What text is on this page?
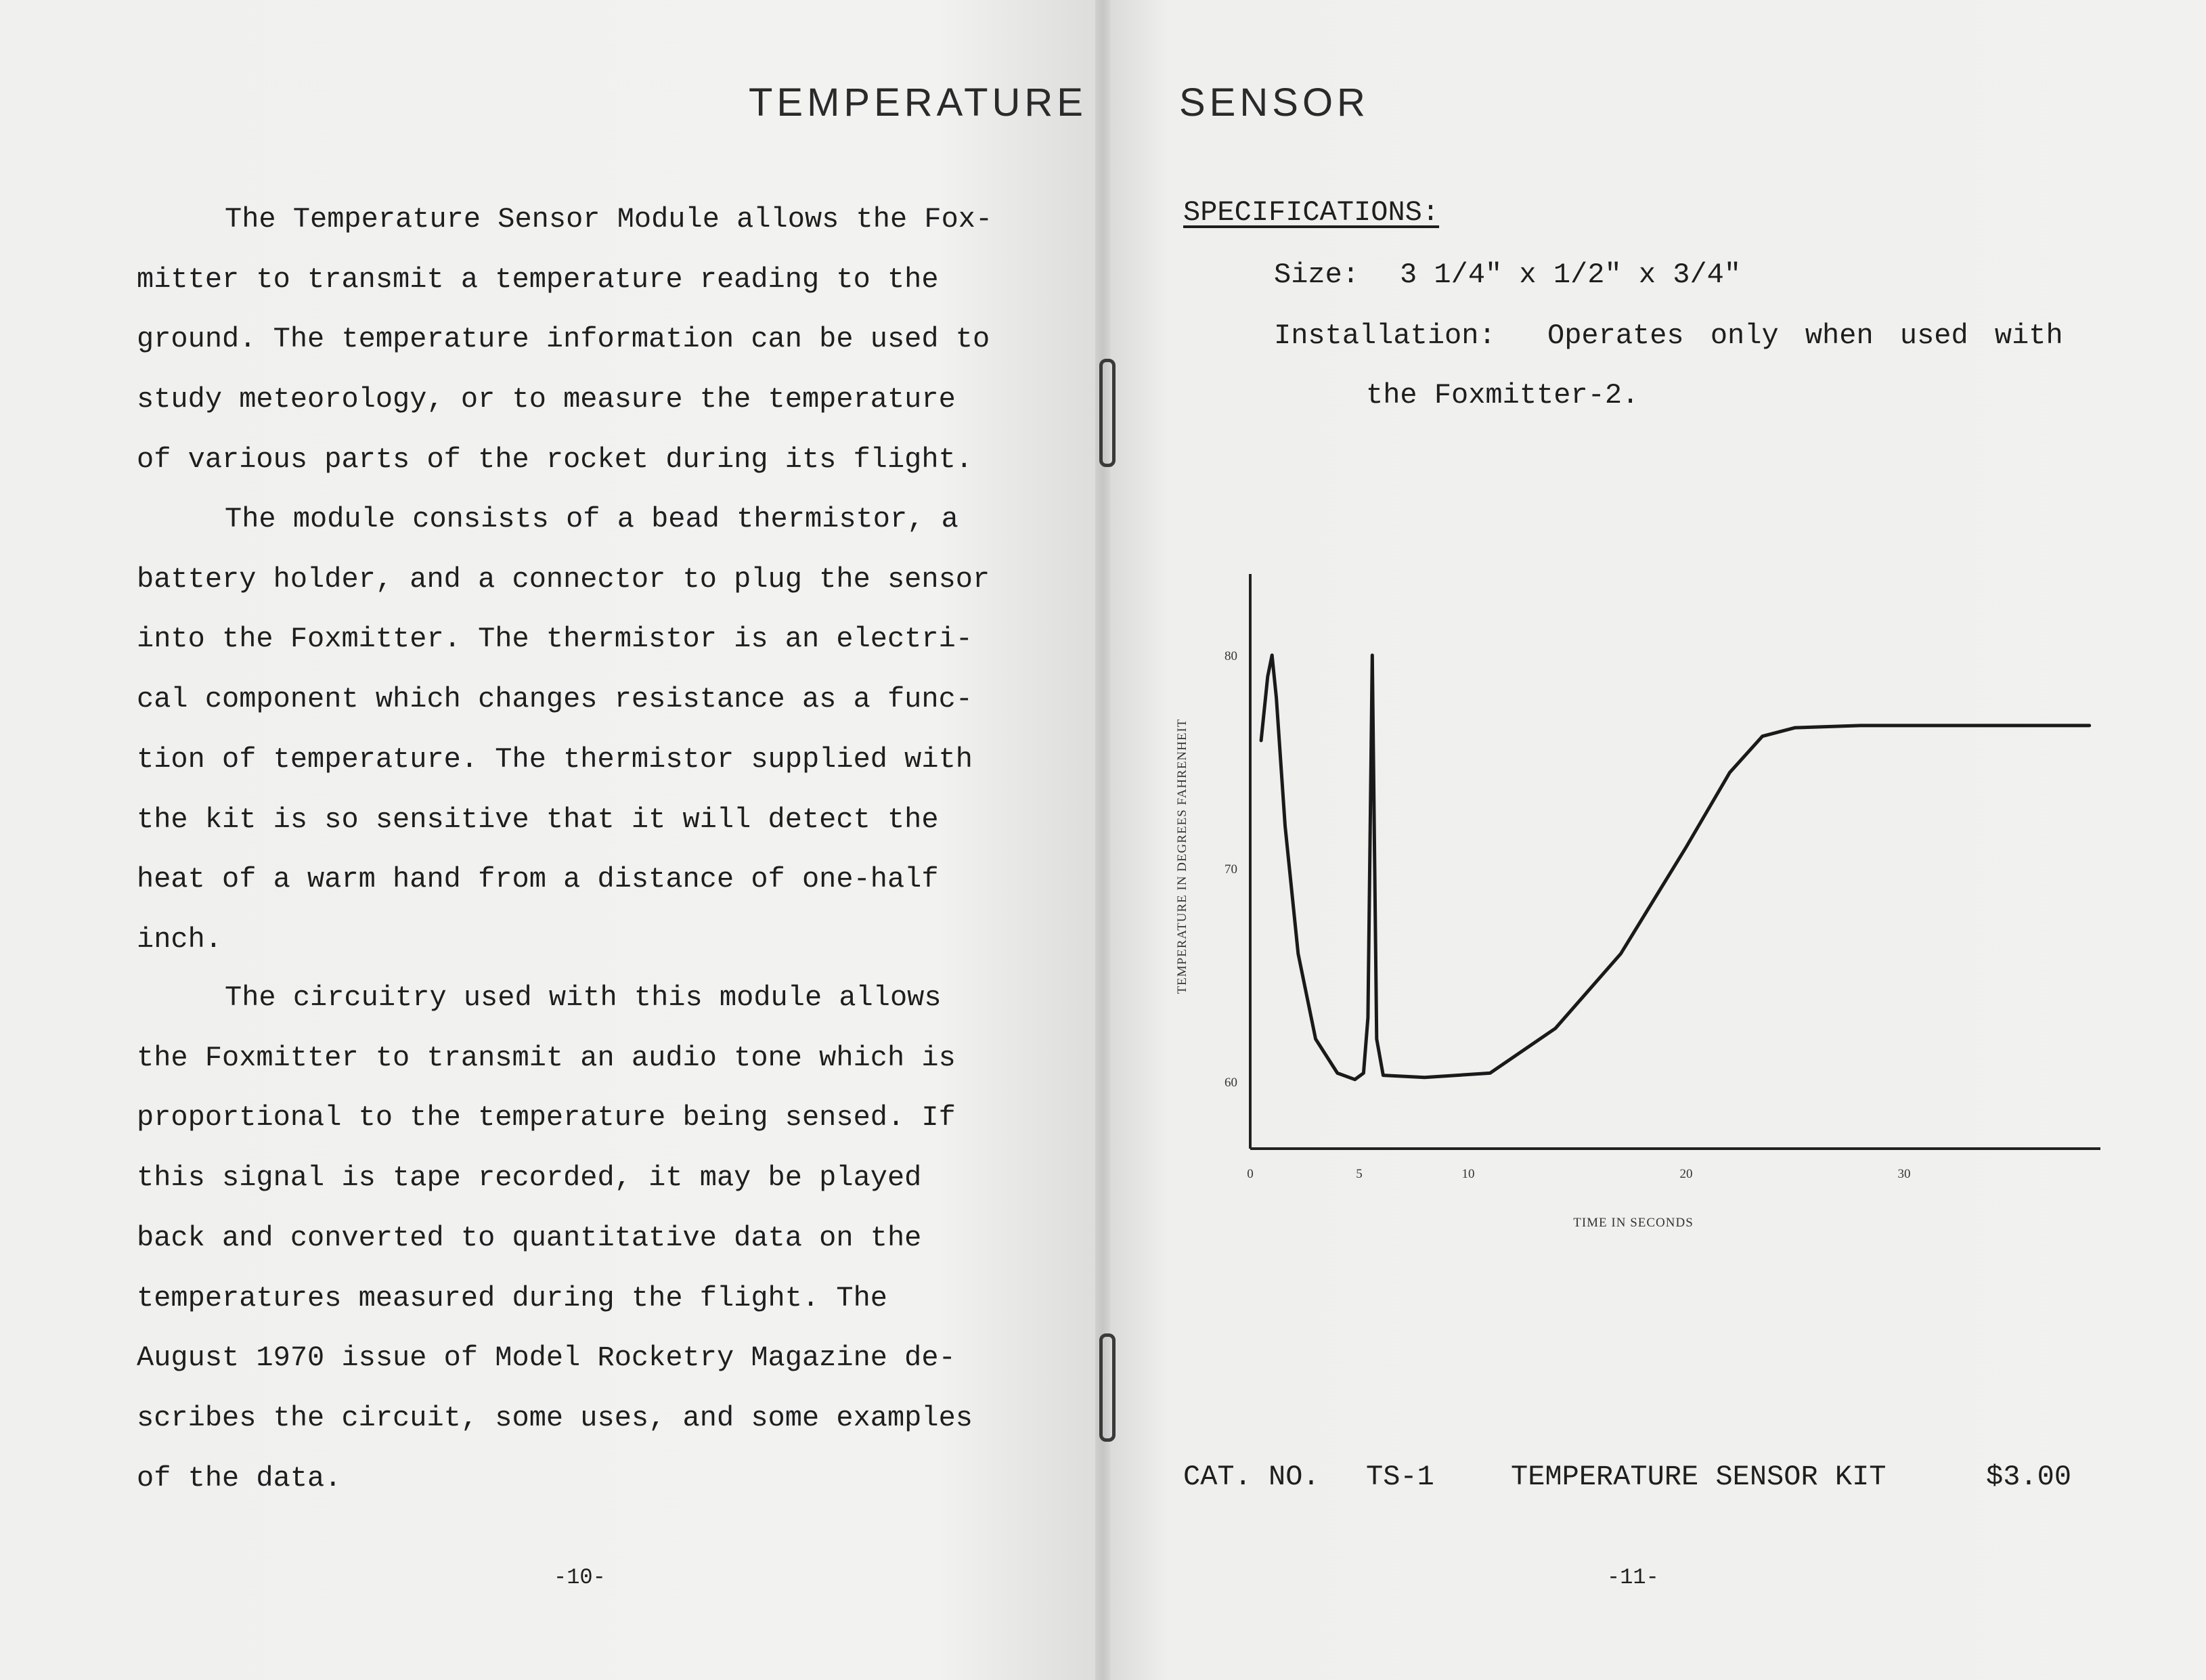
TEMPERATURE

The Temperature Sensor Module allows the Fox-
mitter to transmit a temperature reading to the
ground. The temperature information can be used to
study meteorology, or to measure the temperature
of various parts of the rocket during its flight.

The module consists of a bead thermistor, a
battery holder, and a connector to plug the sensor
into the Foxmitter. The thermistor is an electri-
cal component which changes resistance as a func-
tion of temperature. The thermistor supplied with
the kit is so sensitive that it will detect the
heat of a warm hand from a distance of one-half
inch.

The circuitry used with this module allows
the Foxmitter to transmit an audio tone which is
proportional to the temperature being sensed. If
this signal is tape recorded, it may be played
back and converted to quantitative data on the
temperatures measured during the flight. The
August 1970 issue of Model Rocketry Magazine de-
scribes the circuit, some uses, and some examples
of the data.

-10-

SENSOR

SPECIFICATIONS:

Size: 3 1/4" x 1/2" x 3/4"

Installation: Operates only when used with

the Foxmitter-2.

0	5	10	20	30
80
70
60
TIME IN SECONDS
TEMPERATURE IN DEGREES FAHRENHEIT

CAT. NO. TS-1	TEMPERATURE SENSOR KIT	$3.00

-11-
